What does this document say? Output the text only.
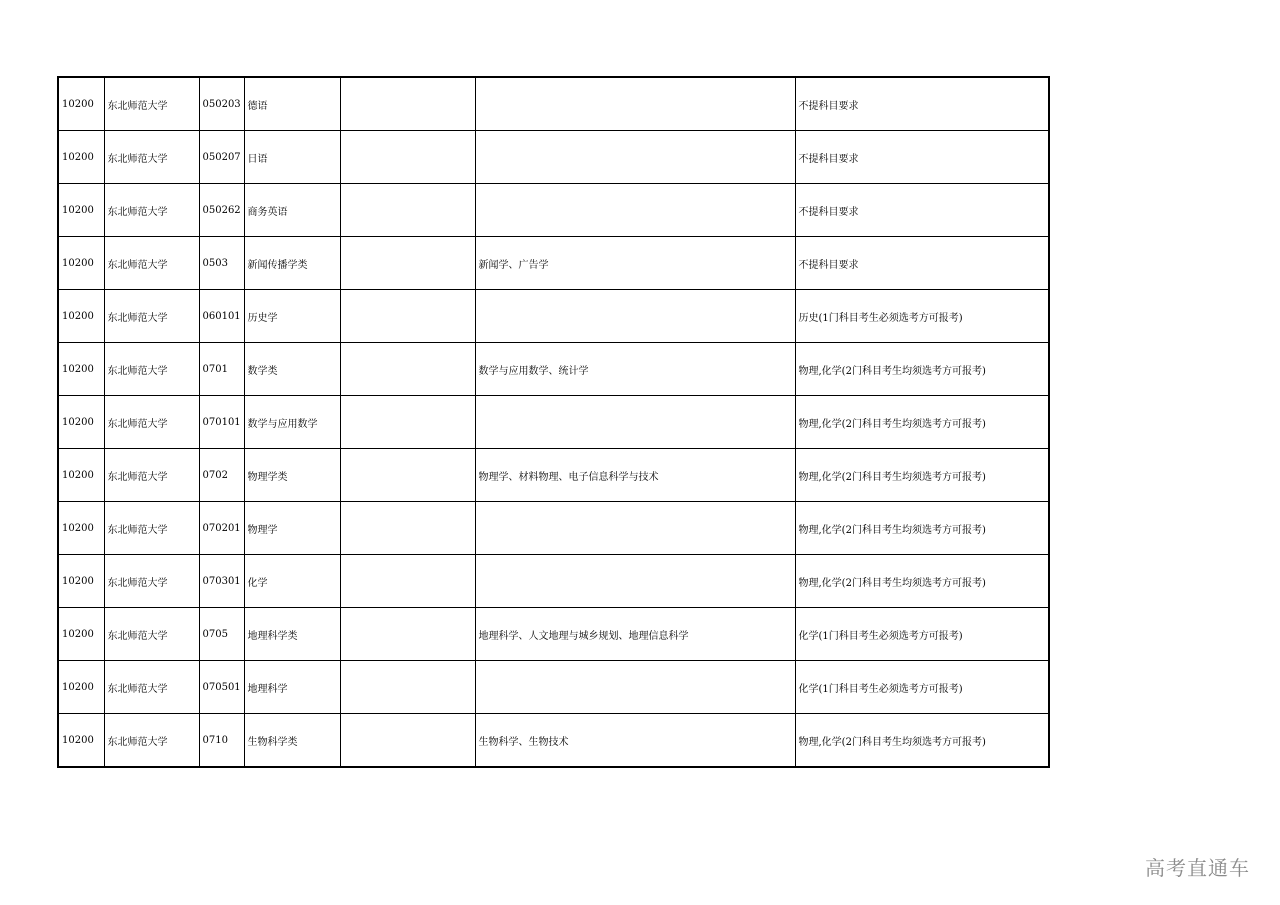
10200	东北师范大学	050203	德语			不提科目要求
10200	东北师范大学	050207	日语			不提科目要求
10200	东北师范大学	050262	商务英语			不提科目要求
10200	东北师范大学	0503	新闻传播学类		新闻学、广告学	不提科目要求
10200	东北师范大学	060101	历史学			历史(1门科目考生必须选考方可报考)
10200	东北师范大学	0701	数学类		数学与应用数学、统计学	物理,化学(2门科目考生均须选考方可报考)
10200	东北师范大学	070101	数学与应用数学			物理,化学(2门科目考生均须选考方可报考)
10200	东北师范大学	0702	物理学类		物理学、材料物理、电子信息科学与技术	物理,化学(2门科目考生均须选考方可报考)
10200	东北师范大学	070201	物理学			物理,化学(2门科目考生均须选考方可报考)
10200	东北师范大学	070301	化学			物理,化学(2门科目考生均须选考方可报考)
10200	东北师范大学	0705	地理科学类		地理科学、人文地理与城乡规划、地理信息科学	化学(1门科目考生必须选考方可报考)
10200	东北师范大学	070501	地理科学			化学(1门科目考生必须选考方可报考)
10200	东北师范大学	0710	生物科学类		生物科学、生物技术	物理,化学(2门科目考生均须选考方可报考)
高考直通车
